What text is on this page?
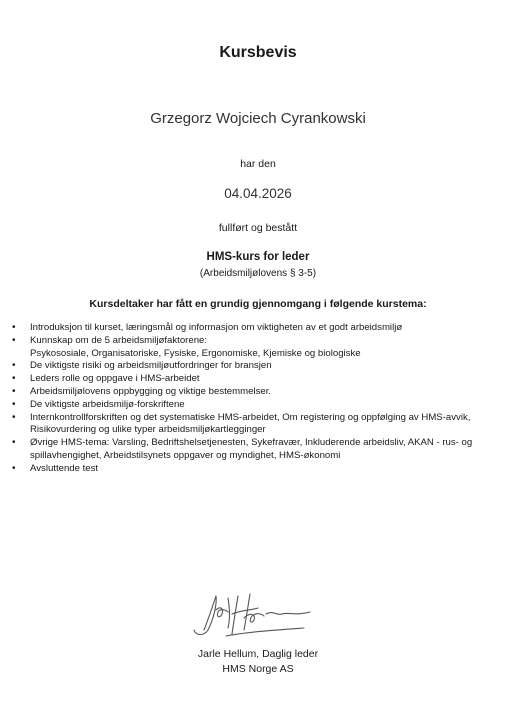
Kursbevis
Grzegorz Wojciech Cyrankowski
har den
04.04.2026
fullført og bestått
HMS-kurs for leder
(Arbeidsmiljølovens § 3-5)
Kursdeltaker har fått en grundig gjennomgang i følgende kurstema:
• Introduksjon til kurset, læringsmål og informasjon om viktigheten av et godt arbeidsmiljø
• Kunnskap om de 5 arbeidsmiljøfaktorene:
Psykososiale, Organisatoriske, Fysiske, Ergonomiske, Kjemiske og biologiske
• De viktigste risiki og arbeidsmiljøutfordringer for bransjen
• Leders rolle og oppgave i HMS-arbeidet
• Arbeidsmiljølovens oppbygging og viktige bestemmelser.
• De viktigste arbeidsmiljø-forskriftene
• Internkontrollforskriften og det systematiske HMS-arbeidet, Om registering og oppfølging av HMS-avvik, Risikovurdering og ulike typer arbeidsmiljøkartlegginger
• Øvrige HMS-tema: Varsling, Bedriftshelsetjenesten, Sykefravær, Inkluderende arbeidsliv, AKAN - rus- og spillavhengighet, Arbeidstilsynets oppgaver og myndighet, HMS-økonomi
• Avsluttende test
Jarle Hellum, Daglig leder
HMS Norge AS
